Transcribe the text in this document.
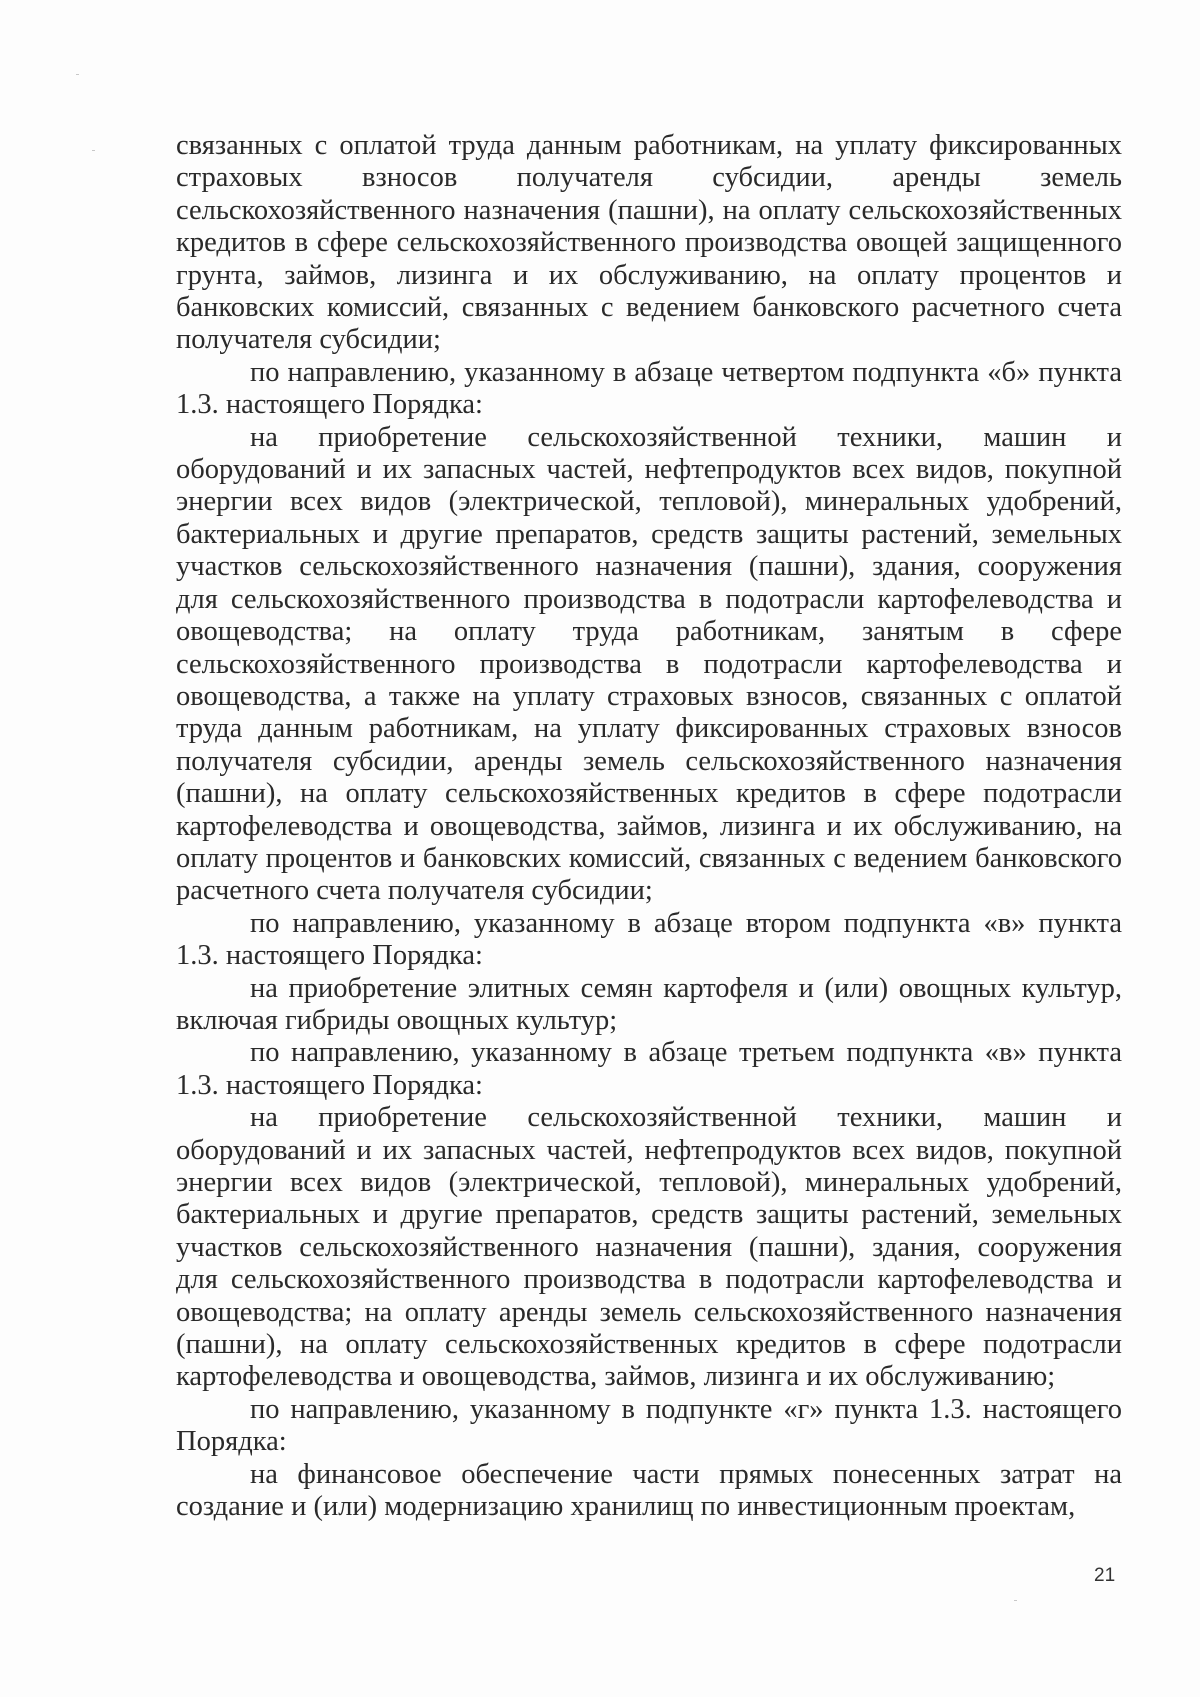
связанных с оплатой труда данным работникам, на уплату фиксированных страховых взносов получателя субсидии, аренды земель сельскохозяйственного назначения (пашни), на оплату сельскохозяйственных кредитов в сфере сельскохозяйственного производства овощей защищенного грунта, займов, лизинга и их обслуживанию, на оплату процентов и банковских комиссий, связанных с ведением банковского расчетного счета получателя субсидии;

по направлению, указанному в абзаце четвертом подпункта «б» пункта 1.3. настоящего Порядка:

на приобретение сельскохозяйственной техники, машин и оборудований и их запасных частей, нефтепродуктов всех видов, покупной энергии всех видов (электрической, тепловой), минеральных удобрений, бактериальных и другие препаратов, средств защиты растений, земельных участков сельскохозяйственного назначения (пашни), здания, сооружения для сельскохозяйственного производства в подотрасли картофелеводства и овощеводства; на оплату труда работникам, занятым в сфере сельскохозяйственного производства в подотрасли картофелеводства и овощеводства, а также на уплату страховых взносов, связанных с оплатой труда данным работникам, на уплату фиксированных страховых взносов получателя субсидии, аренды земель сельскохозяйственного назначения (пашни), на оплату сельскохозяйственных кредитов в сфере подотрасли картофелеводства и овощеводства, займов, лизинга и их обслуживанию, на оплату процентов и банковских комиссий, связанных с ведением банковского расчетного счета получателя субсидии;

по направлению, указанному в абзаце втором подпункта «в» пункта 1.3. настоящего Порядка:

на приобретение элитных семян картофеля и (или) овощных культур, включая гибриды овощных культур;

по направлению, указанному в абзаце третьем подпункта «в» пункта 1.3. настоящего Порядка:

на приобретение сельскохозяйственной техники, машин и оборудований и их запасных частей, нефтепродуктов всех видов, покупной энергии всех видов (электрической, тепловой), минеральных удобрений, бактериальных и другие препаратов, средств защиты растений, земельных участков сельскохозяйственного назначения (пашни), здания, сооружения для сельскохозяйственного производства в подотрасли картофелеводства и овощеводства; на оплату аренды земель сельскохозяйственного назначения (пашни), на оплату сельскохозяйственных кредитов в сфере подотрасли картофелеводства и овощеводства, займов, лизинга и их обслуживанию;

по направлению, указанному в подпункте «г» пункта 1.3. настоящего Порядка:

на финансовое обеспечение части прямых понесенных затрат на создание и (или) модернизацию хранилищ по инвестиционным проектам,

21
